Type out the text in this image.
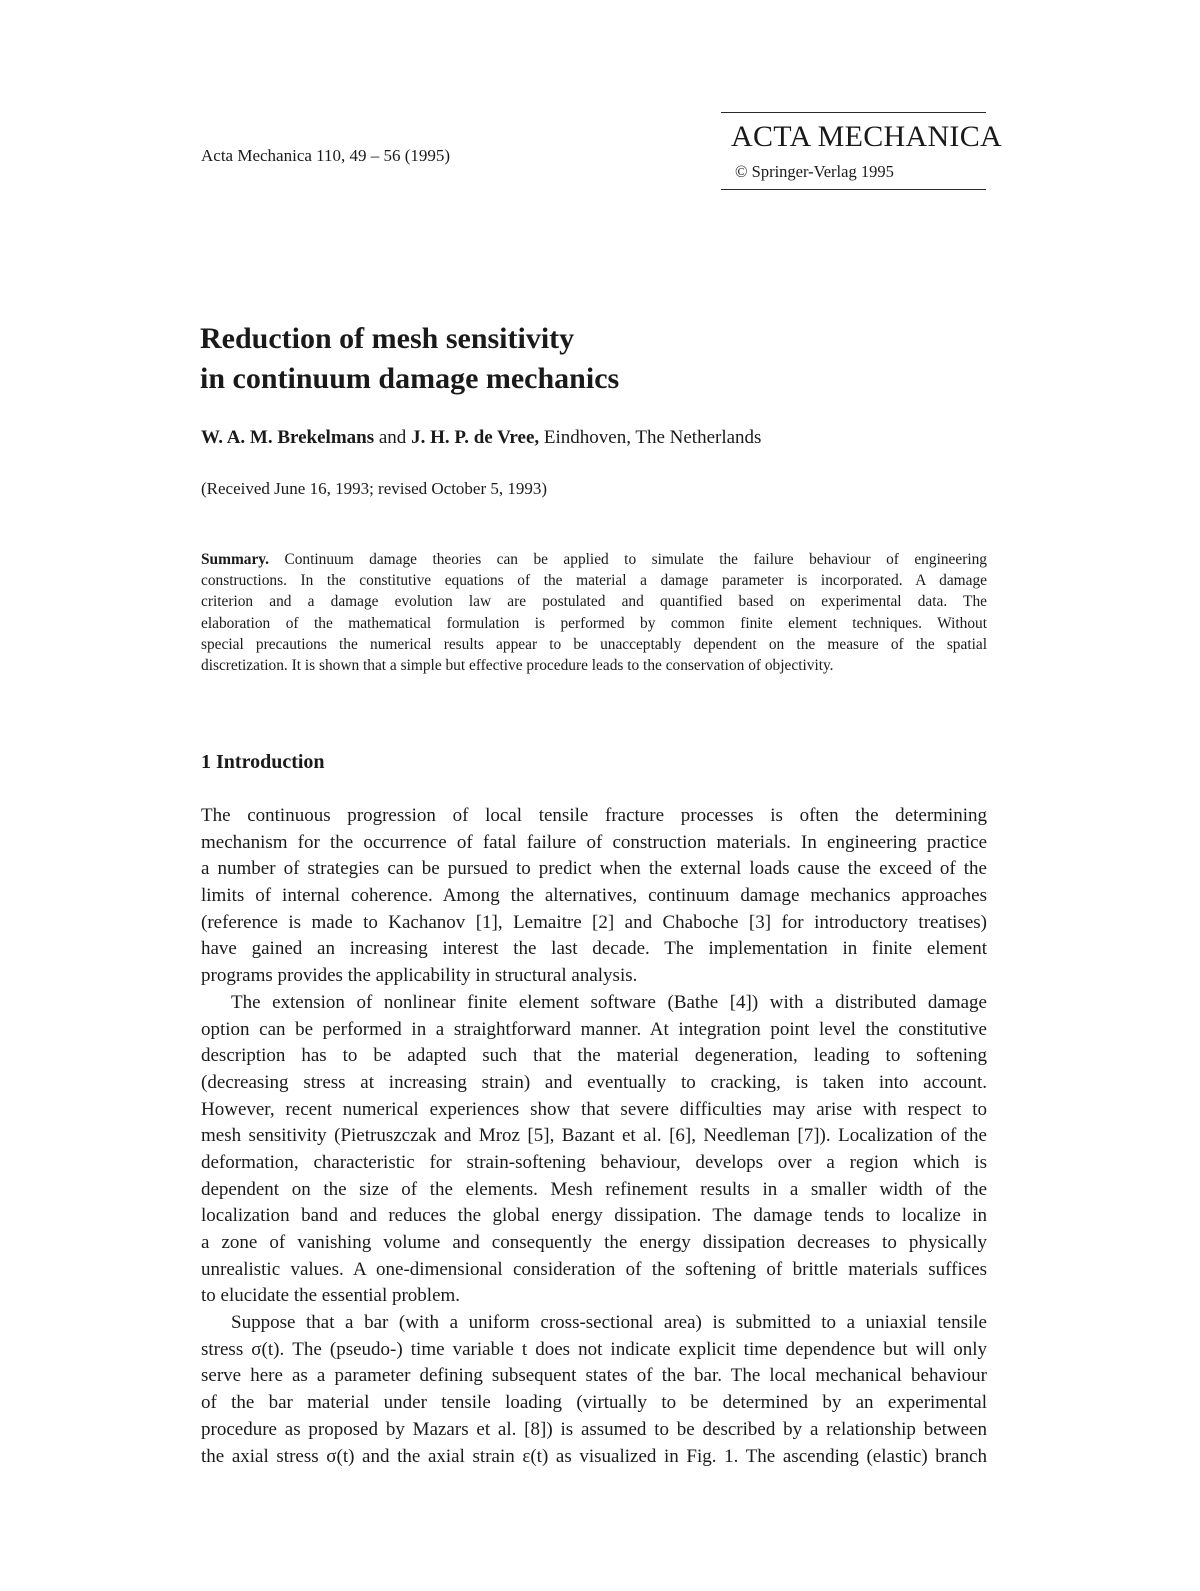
Acta Mechanica 110, 49 – 56 (1995)
ACTA MECHANICA
© Springer-Verlag 1995
Reduction of mesh sensitivity
in continuum damage mechanics
W. A. M. Brekelmans and J. H. P. de Vree, Eindhoven, The Netherlands
(Received June 16, 1993; revised October 5, 1993)
Summary. Continuum damage theories can be applied to simulate the failure behaviour of engineering
constructions. In the constitutive equations of the material a damage parameter is incorporated. A damage
criterion and a damage evolution law are postulated and quantified based on experimental data. The
elaboration of the mathematical formulation is performed by common finite element techniques. Without
special precautions the numerical results appear to be unacceptably dependent on the measure of the spatial
discretization. It is shown that a simple but effective procedure leads to the conservation of objectivity.
1 Introduction
The continuous progression of local tensile fracture processes is often the determining
mechanism for the occurrence of fatal failure of construction materials. In engineering practice
a number of strategies can be pursued to predict when the external loads cause the exceed of the
limits of internal coherence. Among the alternatives, continuum damage mechanics approaches
(reference is made to Kachanov [1], Lemaitre [2] and Chaboche [3] for introductory treatises)
have gained an increasing interest the last decade. The implementation in finite element
programs provides the applicability in structural analysis.
The extension of nonlinear finite element software (Bathe [4]) with a distributed damage
option can be performed in a straightforward manner. At integration point level the constitutive
description has to be adapted such that the material degeneration, leading to softening
(decreasing stress at increasing strain) and eventually to cracking, is taken into account.
However, recent numerical experiences show that severe difficulties may arise with respect to
mesh sensitivity (Pietruszczak and Mroz [5], Bazant et al. [6], Needleman [7]). Localization of the
deformation, characteristic for strain-softening behaviour, develops over a region which is
dependent on the size of the elements. Mesh refinement results in a smaller width of the
localization band and reduces the global energy dissipation. The damage tends to localize in
a zone of vanishing volume and consequently the energy dissipation decreases to physically
unrealistic values. A one-dimensional consideration of the softening of brittle materials suffices
to elucidate the essential problem.
Suppose that a bar (with a uniform cross-sectional area) is submitted to a uniaxial tensile
stress σ(t). The (pseudo-) time variable t does not indicate explicit time dependence but will only
serve here as a parameter defining subsequent states of the bar. The local mechanical behaviour
of the bar material under tensile loading (virtually to be determined by an experimental
procedure as proposed by Mazars et al. [8]) is assumed to be described by a relationship between
the axial stress σ(t) and the axial strain ε(t) as visualized in Fig. 1. The ascending (elastic) branch
